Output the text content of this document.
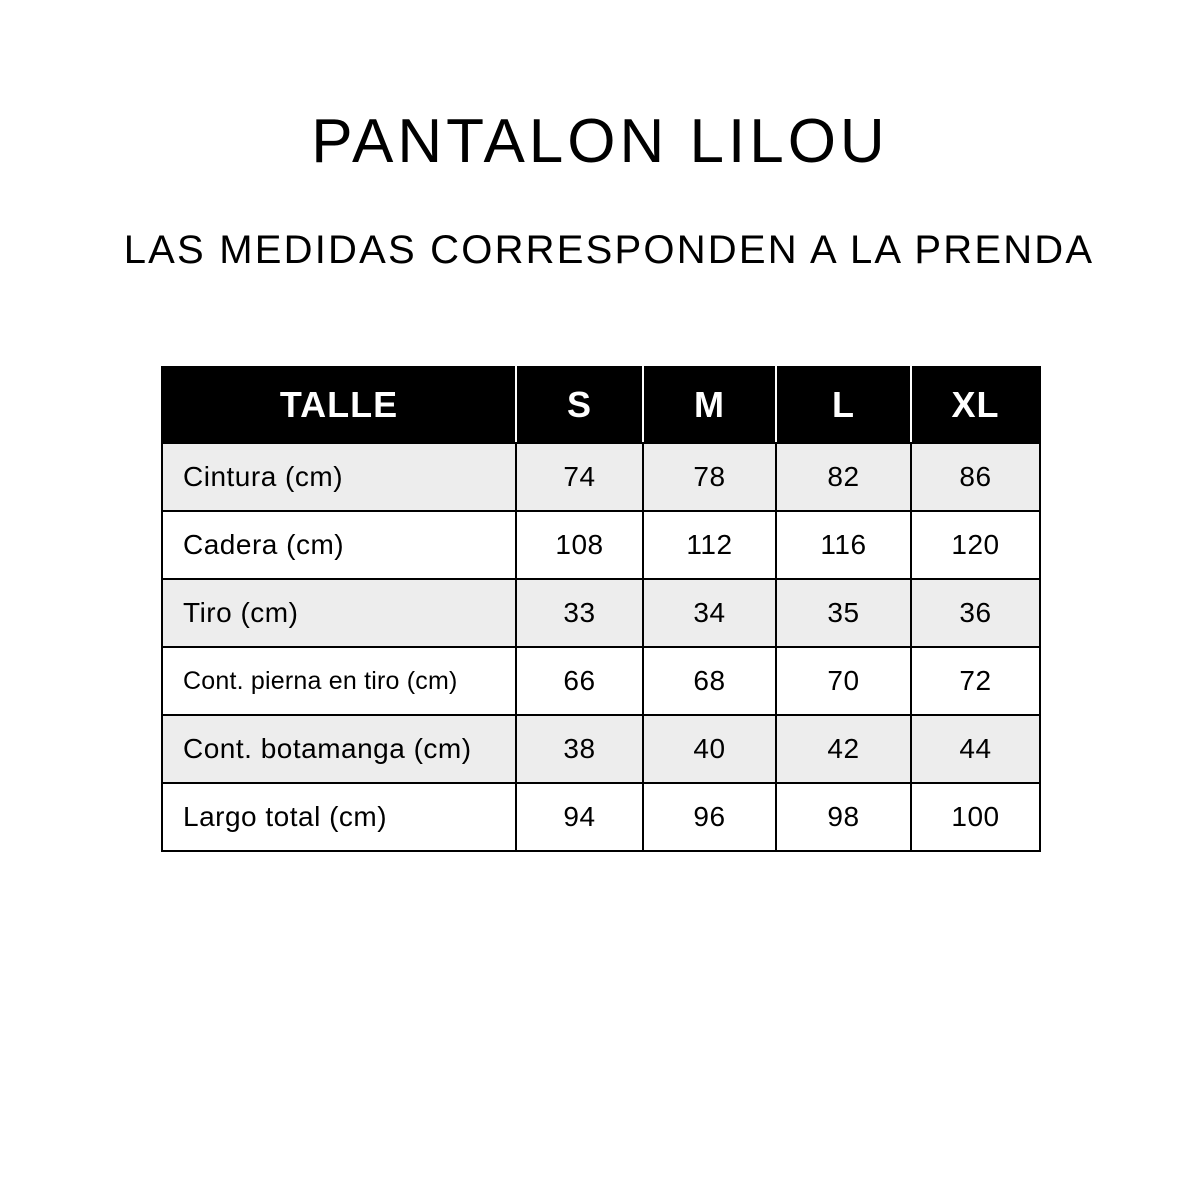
PANTALON LILOU
LAS MEDIDAS CORRESPONDEN A LA PRENDA
TALLE	S	M	L	XL
Cintura (cm)	74	78	82	86
Cadera (cm)	108	112	116	120
Tiro (cm)	33	34	35	36
Cont. pierna en tiro (cm)	66	68	70	72
Cont. botamanga (cm)	38	40	42	44
Largo total (cm)	94	96	98	100
